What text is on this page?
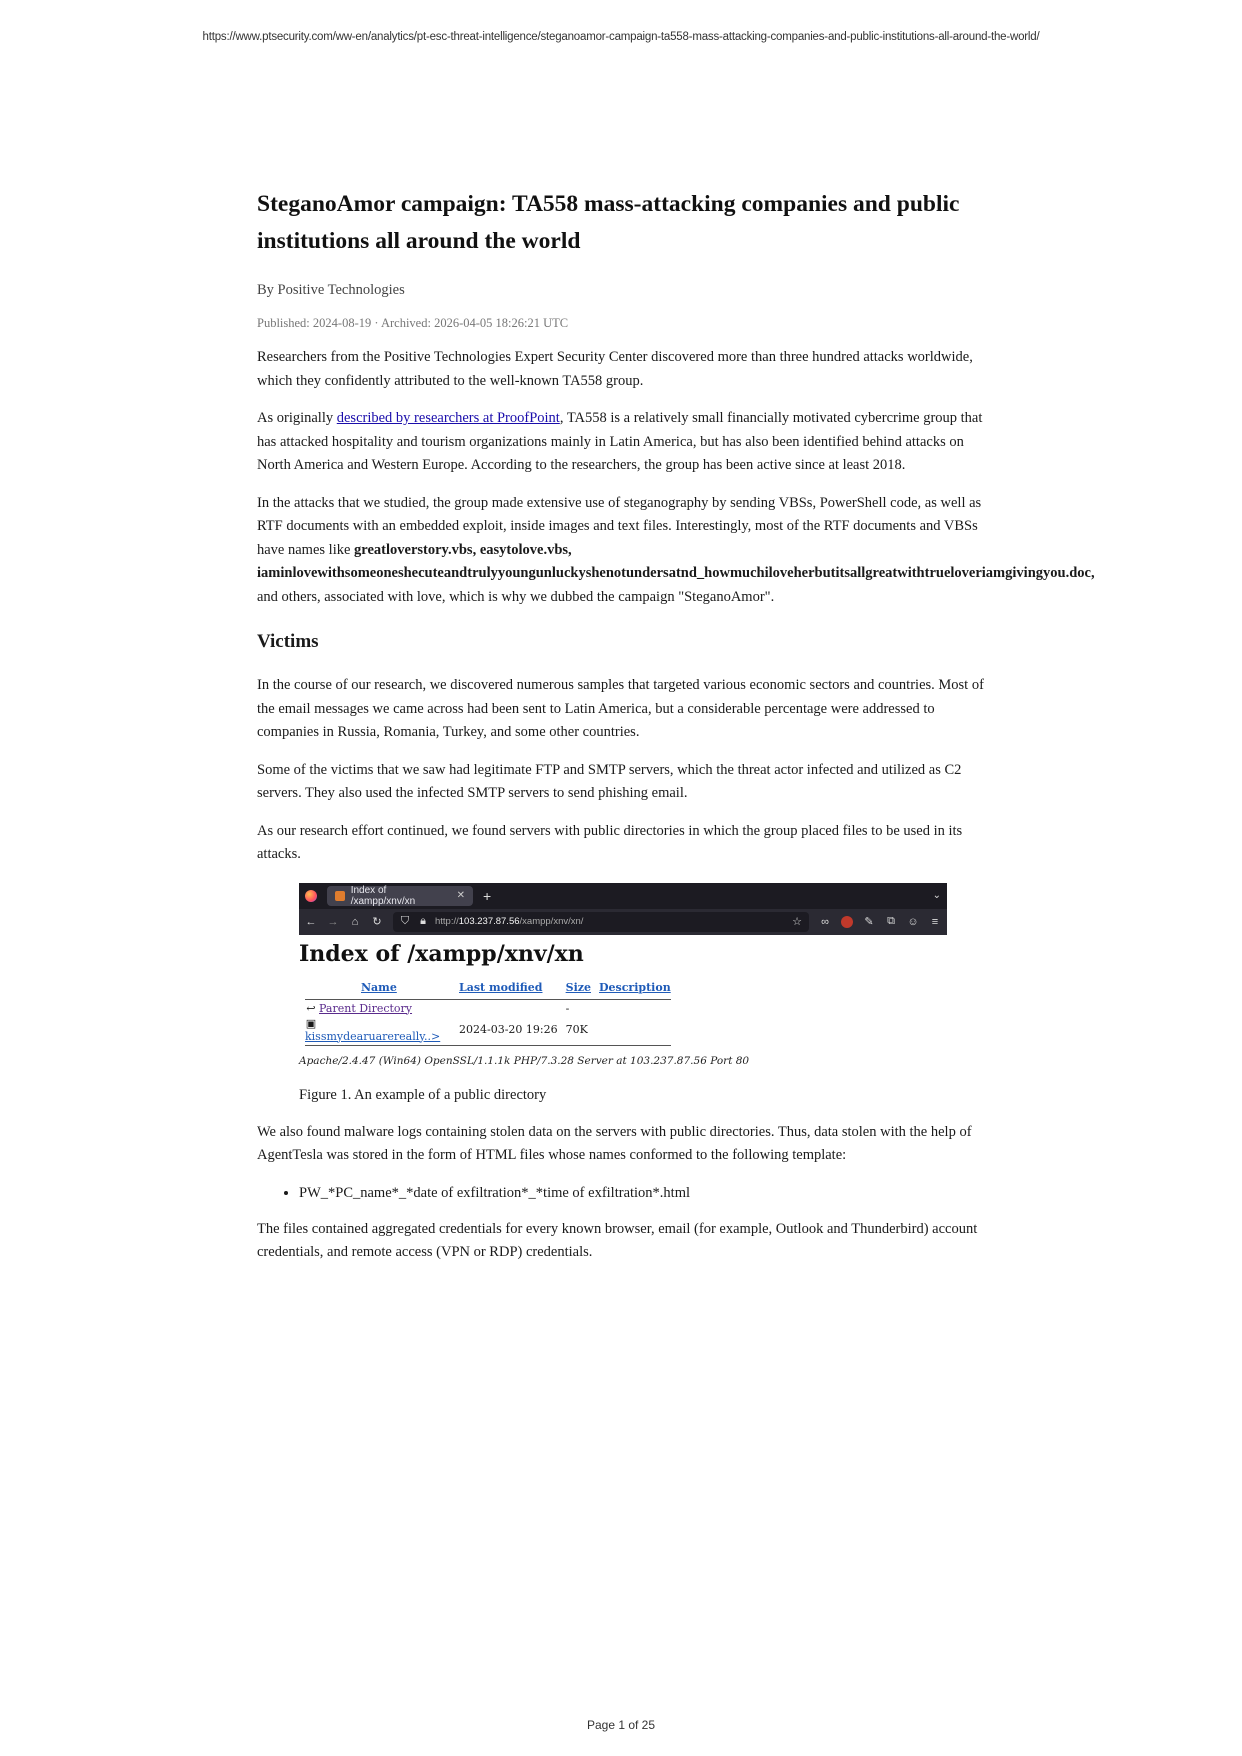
https://www.ptsecurity.com/ww-en/analytics/pt-esc-threat-intelligence/steganoamor-campaign-ta558-mass-attacking-companies-and-public-institutions-all-around-the-world/
SteganoAmor campaign: TA558 mass-attacking companies and public institutions all around the world
By Positive Technologies
Published: 2024-08-19 · Archived: 2026-04-05 18:26:21 UTC

Researchers from the Positive Technologies Expert Security Center discovered more than three hundred attacks worldwide, which they confidently attributed to the well-known TA558 group.

As originally described by researchers at ProofPoint, TA558 is a relatively small financially motivated cybercrime group that has attacked hospitality and tourism organizations mainly in Latin America, but has also been identified behind attacks on North America and Western Europe. According to the researchers, the group has been active since at least 2018.

In the attacks that we studied, the group made extensive use of steganography by sending VBSs, PowerShell code, as well as RTF documents with an embedded exploit, inside images and text files. Interestingly, most of the RTF documents and VBSs have names like greatloverstory.vbs, easytolove.vbs,
iaminlovewithsomeoneshecuteandtrulyyoungunluckyshenotundersatnd_howmuchiloveherbutitsallgreatwithtrueloveriamgivingyou.doc,
and others, associated with love, which is why we dubbed the campaign "SteganoAmor".

Victims

In the course of our research, we discovered numerous samples that targeted various economic sectors and countries. Most of the email messages we came across had been sent to Latin America, but a considerable percentage were addressed to companies in Russia, Romania, Turkey, and some other countries.

Some of the victims that we saw had legitimate FTP and SMTP servers, which the threat actor infected and utilized as C2 servers. They also used the infected SMTP servers to send phishing email.

As our research effort continued, we found servers with public directories in which the group placed files to be used in its attacks.

Index of /xampp/xnv/xn	✕ +	⌄
← → ⌂ ↻ ⛉ 🔒︎ http://103.237.87.56/xampp/xnv/xn/	☆ ∞	✎ ⧉ ☺ ≡
Index of /xampp/xnv/xn
Name	Last modified	Size	Description

↩ Parent Directory		-	
▣kissmydearuarereally..>	2024-03-20 19:26	70K	

Apache/2.4.47 (Win64) OpenSSL/1.1.1k PHP/7.3.28 Server at 103.237.87.56 Port 80
Figure 1. An example of a public directory

We also found malware logs containing stolen data on the servers with public directories. Thus, data stolen with the help of AgentTesla was stored in the form of HTML files whose names conformed to the following template:

• PW_*PC_name*_*date of exfiltration*_*time of exfiltration*.html

The files contained aggregated credentials for every known browser, email (for example, Outlook and Thunderbird) account credentials, and remote access (VPN or RDP) credentials.

Page 1 of 25
